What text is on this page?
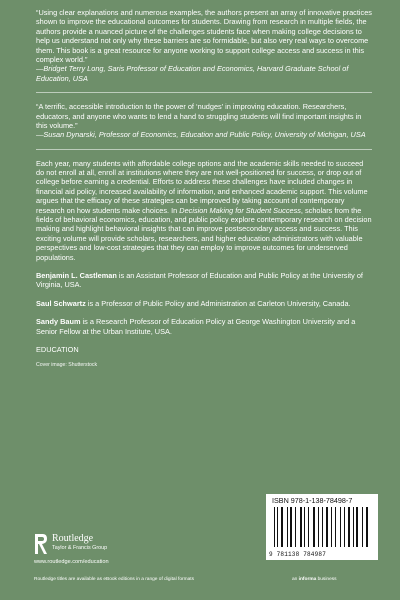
“Using clear explanations and numerous examples, the authors present an array of innovative practices shown to improve the educational outcomes for students. Drawing from research in multiple fields, the authors provide a nuanced picture of the challenges students face when making college decisions to help us understand not only why these barriers are so formidable, but also very real ways to overcome them. This book is a great resource for anyone working to support college access and success in this complex world.”
—Bridget Terry Long, Saris Professor of Education and Economics, Harvard Graduate School of Education, USA

“A terrific, accessible introduction to the power of ‘nudges’ in improving education. Researchers, educators, and anyone who wants to lend a hand to struggling students will find important insights in this volume.”
—Susan Dynarski, Professor of Economics, Education and Public Policy, University of Michigan, USA

Each year, many students with affordable college options and the academic skills needed to succeed do not enroll at all, enroll at institutions where they are not well-positioned for success, or drop out of college before earning a credential. Efforts to address these challenges have included changes in financial aid policy, increased availability of information, and enhanced academic support. This volume argues that the efficacy of these strategies can be improved by taking account of contemporary research on how students make choices. In Decision Making for Student Success, scholars from the fields of behavioral economics, education, and public policy explore contemporary research on decision making and highlight behavioral insights that can improve postsecondary access and success. This exciting volume will provide scholars, researchers, and higher education administrators with valuable perspectives and low-cost strategies that they can employ to improve outcomes for underserved populations.

Benjamin L. Castleman is an Assistant Professor of Education and Public Policy at the University of Virginia, USA.

Saul Schwartz is a Professor of Public Policy and Administration at Carleton University, Canada.

Sandy Baum is a Research Professor of Education Policy at George Washington University and a Senior Fellow at the Urban Institute, USA.

EDUCATION

Cover image: Shutterstock

Routledge
Taylor & Francis Group
www.routledge.com/education
ISBN 978-1-138-78498-7
9 781138 784987
Routledge titles are available as eBook editions in a range of digital formats	an informa business
